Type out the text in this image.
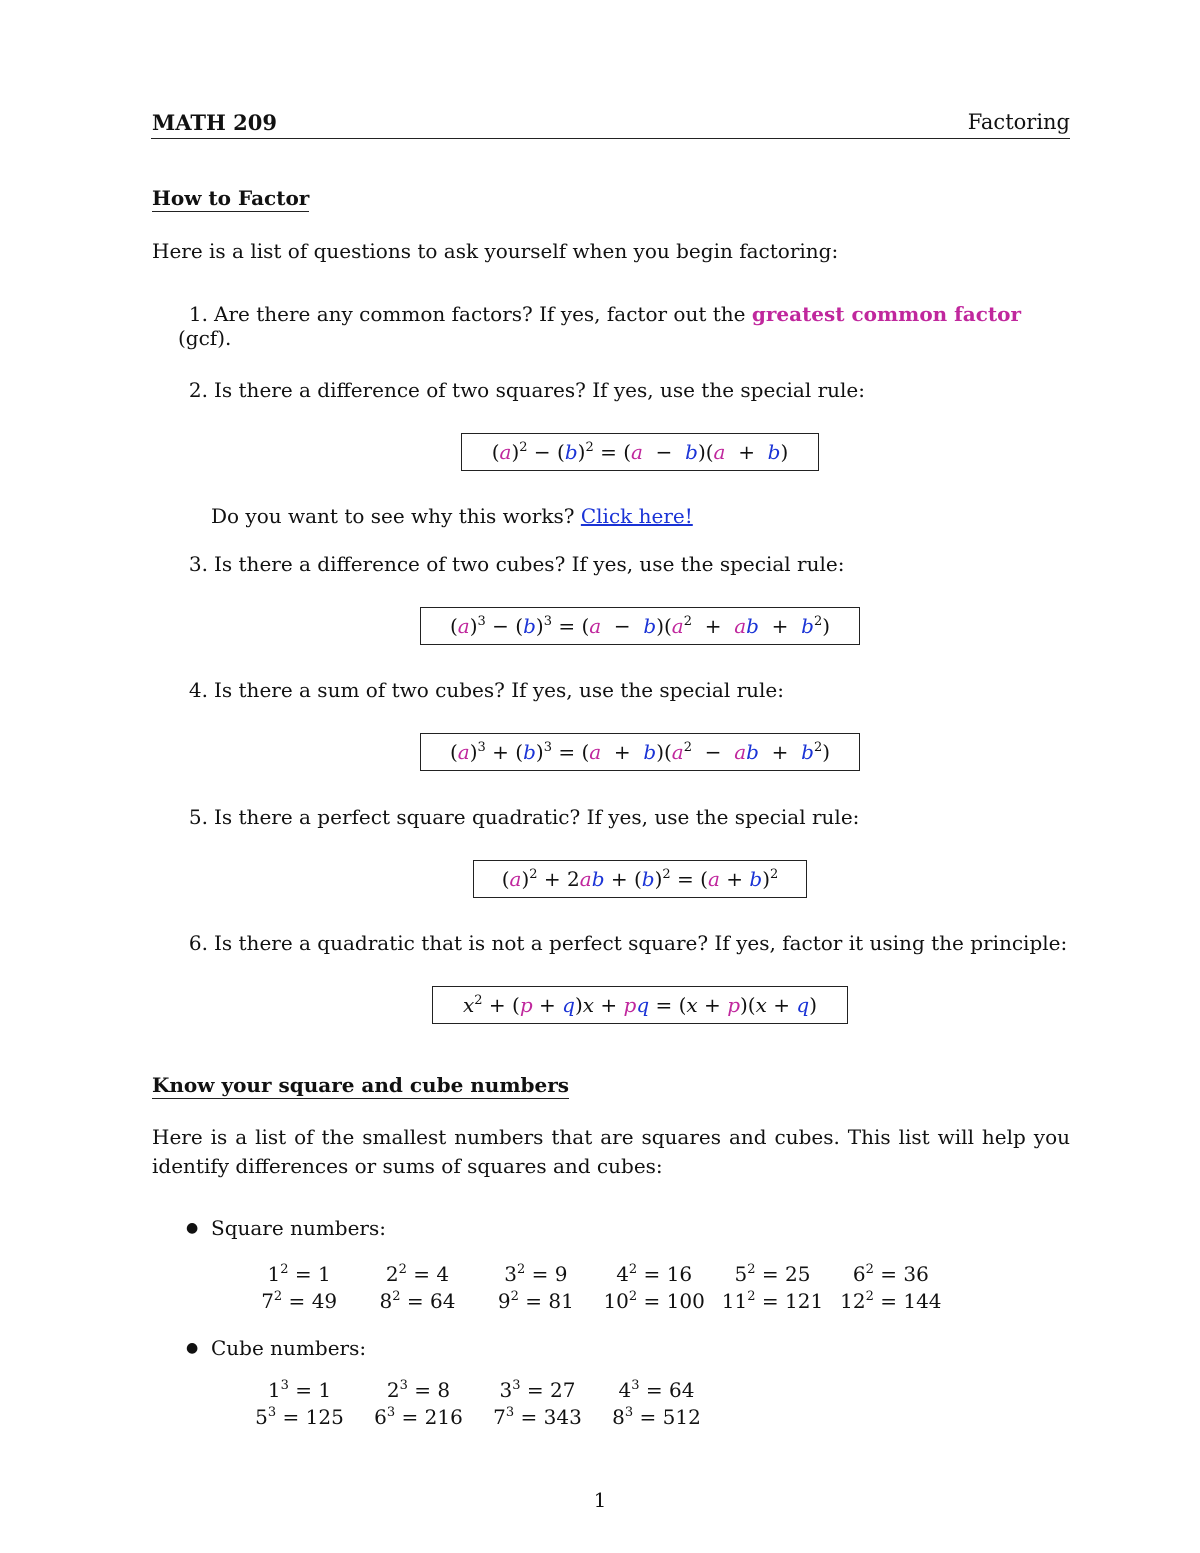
MATH 209	Factoring
How to Factor
Here is a list of questions to ask yourself when you begin factoring:
1. Are there any common factors? If yes, factor out the greatest common factor (gcf).
2. Is there a difference of two squares? If yes, use the special rule:
$(a)^2 - (b)^2 = (a - b)(a + b)$
Do you want to see why this works? Click here!
3. Is there a difference of two cubes? If yes, use the special rule:
$(a)^3 - (b)^3 = (a - b)(a^2$  +  ab  +  $b^2$)
4. Is there a sum of two cubes? If yes, use the special rule:
$(a)^3 + (b)^3 = (a + b)(a^2$  −  ab  +  $b^2$)
5. Is there a perfect square quadratic? If yes, use the special rule:
$(a)^2 + 2ab + (b)^2 = (a + b)^2$
6. Is there a quadratic that is not a perfect square? If yes, factor it using the principle:
$x^2 + (p + q)x$ + pq = (x + p)(x + q)
Know your square and cube numbers
Here is a list of the smallest numbers that are squares and cubes. This list will help you identify differences or sums of squares and cubes:
● Square numbers:
$1^2 = 1$	$2^2 = 4$	$3^2 = 9$	$4^2 = 16$	$5^2 = 25$	$6^2 = 36$
$7^2 = 49$	$8^2 = 64$	$9^2 = 81$	$10^2 = 100$ $11^2 = 121$ $12^2 = 144$
● Cube numbers:
$1^3 = 1$	$2^3 = 8$	$3^3 = 27$	$4^3 = 64$
$5^3 = 125$	$6^3 = 216$	$7^3 = 343$	$8^3 = 512$
1
